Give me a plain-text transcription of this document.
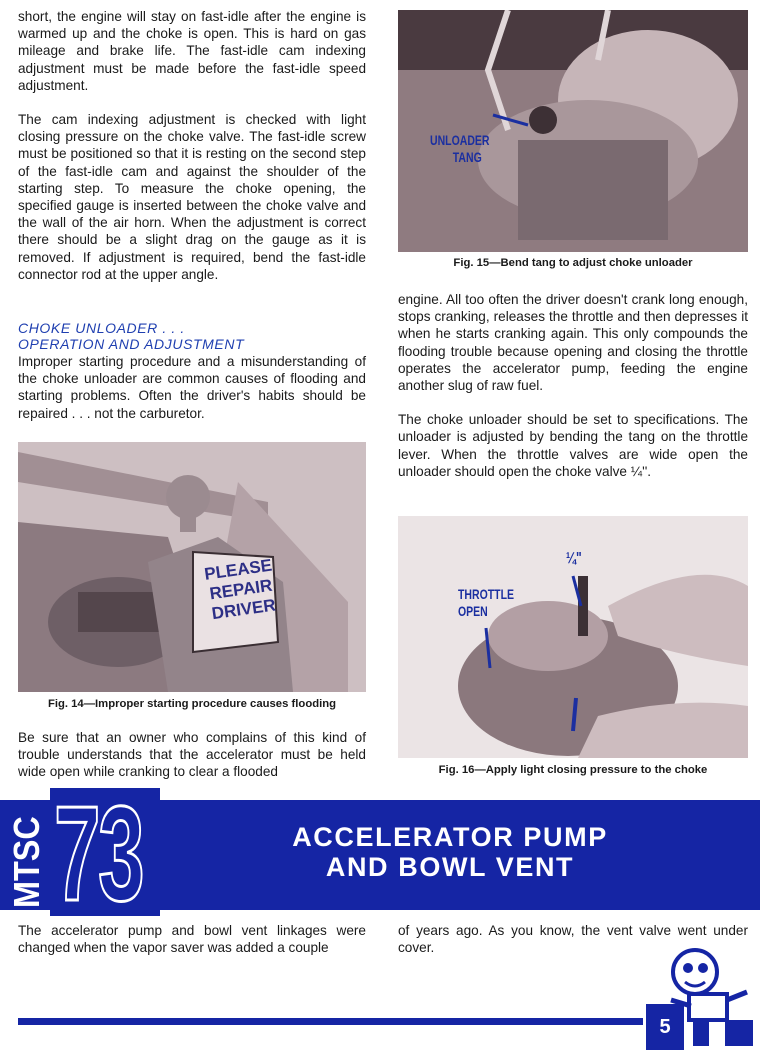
short, the engine will stay on fast-idle after the engine is warmed up and the choke is open. This is hard on gas mileage and brake life. The fast-idle cam indexing adjustment must be made before the fast-idle speed adjustment.

The cam indexing adjustment is checked with light closing pressure on the choke valve. The fast-idle screw must be positioned so that it is resting on the second step of the fast-idle cam and against the shoulder of the starting step. To measure the choke opening, the specified gauge is inserted between the choke valve and the wall of the air horn. When the adjustment is correct there should be a slight drag on the gauge as it is removed. If adjustment is required, bend the fast-idle connector rod at the upper angle.

CHOKE UNLOADER . . .

OPERATION AND ADJUSTMENT

Improper starting procedure and a misunderstanding of the choke unloader are common causes of flooding and starting problems. Often the driver's habits should be repaired . . . not the carburetor.

PLEASE
REPAIR
DRIVER
Fig. 14—Improper starting procedure causes flooding

Be sure that an owner who complains of this kind of trouble understands that the accelerator must be held wide open while cranking to clear a flooded

UNLOADER
TANG
Fig. 15—Bend tang to adjust choke unloader

engine. All too often the driver doesn't crank long enough, stops cranking, releases the throttle and then depresses it when he starts cranking again. This only compounds the flooding trouble because opening and closing the throttle operates the accelerator pump, feeding the engine another slug of raw fuel.

The choke unloader should be set to specifications. The unloader is adjusted by bending the tang on the throttle lever. When the throttle valves are wide open the unloader should open the choke valve ¼''.

THROTTLE
OPEN
¼"
Fig. 16—Apply light closing pressure to the choke
MTSC 73	ACCELERATOR PUMP
AND BOWL VENT

The accelerator pump and bowl vent linkages were changed when the vapor saver was added a couple

of years ago. As you know, the vent valve went under cover.

5
